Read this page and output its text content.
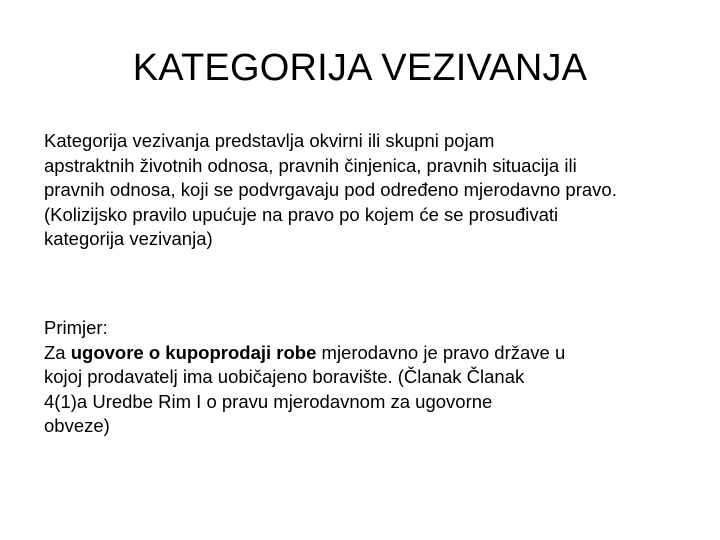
KATEGORIJA VEZIVANJA
Kategorija vezivanja predstavlja okvirni ili skupni pojam
apstraktnih životnih odnosa, pravnih činjenica, pravnih situacija ili
pravnih odnosa, koji se podvrgavaju pod određeno mjerodavno pravo.
(Kolizijsko pravilo upućuje na pravo po kojem će se prosuđivati
kategorija vezivanja)
Primjer:
Za ugovore o kupoprodaji robe mjerodavno je pravo države u
kojoj prodavatelj ima uobičajeno boravište. (Članak Članak
4(1)a Uredbe Rim I o pravu mjerodavnom za ugovorne
obveze)
